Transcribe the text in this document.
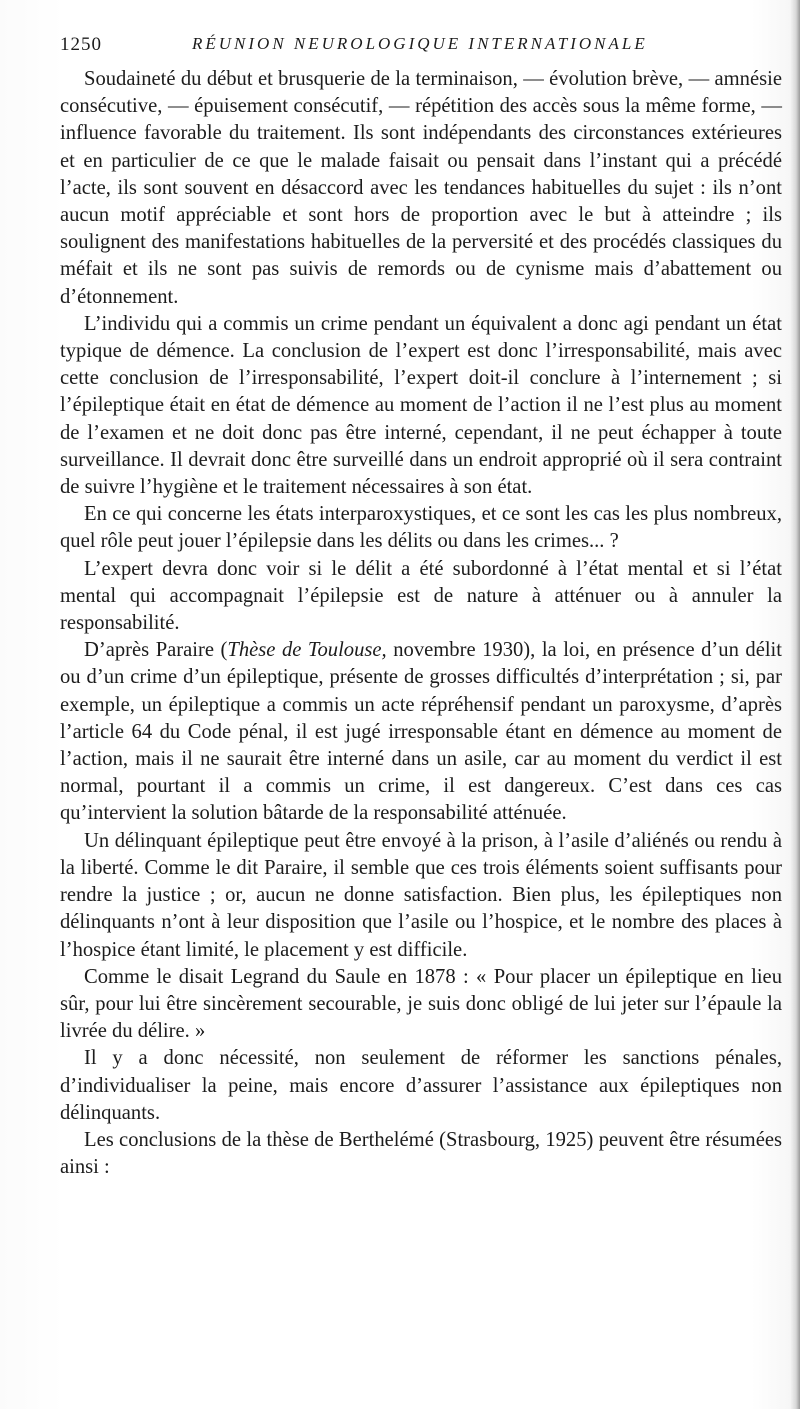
1250	RÉUNION NEUROLOGIQUE INTERNATIONALE

Soudaineté du début et brusquerie de la terminaison, — évolution brève, — amnésie consécutive, — épuisement consécutif, — répétition des accès sous la même forme, — influence favorable du traitement. Ils sont indépendants des circonstances extérieures et en particulier de ce que le malade faisait ou pensait dans l’instant qui a précédé l’acte, ils sont souvent en désaccord avec les tendances habituelles du sujet : ils n’ont aucun motif appréciable et sont hors de proportion avec le but à atteindre ; ils soulignent des manifestations habituelles de la perversité et des procédés classiques du méfait et ils ne sont pas suivis de remords ou de cynisme mais d’abattement ou d’étonnement.

L’individu qui a commis un crime pendant un équivalent a donc agi pendant un état typique de démence. La conclusion de l’expert est donc l’irresponsabilité, mais avec cette conclusion de l’irresponsabilité, l’expert doit-il conclure à l’internement ; si l’épileptique était en état de démence au moment de l’action il ne l’est plus au moment de l’examen et ne doit donc pas être interné, cependant, il ne peut échapper à toute surveillance. Il devrait donc être surveillé dans un endroit approprié où il sera contraint de suivre l’hygiène et le traitement nécessaires à son état.

En ce qui concerne les états interparoxystiques, et ce sont les cas les plus nombreux, quel rôle peut jouer l’épilepsie dans les délits ou dans les crimes... ?

L’expert devra donc voir si le délit a été subordonné à l’état mental et si l’état mental qui accompagnait l’épilepsie est de nature à atténuer ou à annuler la responsabilité.

D’après Paraire (Thèse de Toulouse, novembre 1930), la loi, en présence d’un délit ou d’un crime d’un épileptique, présente de grosses difficultés d’interprétation ; si, par exemple, un épileptique a commis un acte répréhensif pendant un paroxysme, d’après l’article 64 du Code pénal, il est jugé irresponsable étant en démence au moment de l’action, mais il ne saurait être interné dans un asile, car au moment du verdict il est normal, pourtant il a commis un crime, il est dangereux. C’est dans ces cas qu’intervient la solution bâtarde de la responsabilité atténuée.

Un délinquant épileptique peut être envoyé à la prison, à l’asile d’aliénés ou rendu à la liberté. Comme le dit Paraire, il semble que ces trois éléments soient suffisants pour rendre la justice ; or, aucun ne donne satisfaction. Bien plus, les épileptiques non délinquants n’ont à leur disposition que l’asile ou l’hospice, et le nombre des places à l’hospice étant limité, le placement y est difficile.

Comme le disait Legrand du Saule en 1878 : « Pour placer un épileptique en lieu sûr, pour lui être sincèrement secourable, je suis donc obligé de lui jeter sur l’épaule la livrée du délire. »

Il y a donc nécessité, non seulement de réformer les sanctions pénales, d’individualiser la peine, mais encore d’assurer l’assistance aux épileptiques non délinquants.

Les conclusions de la thèse de Berthelémé (Strasbourg, 1925) peuvent être résumées ainsi :
